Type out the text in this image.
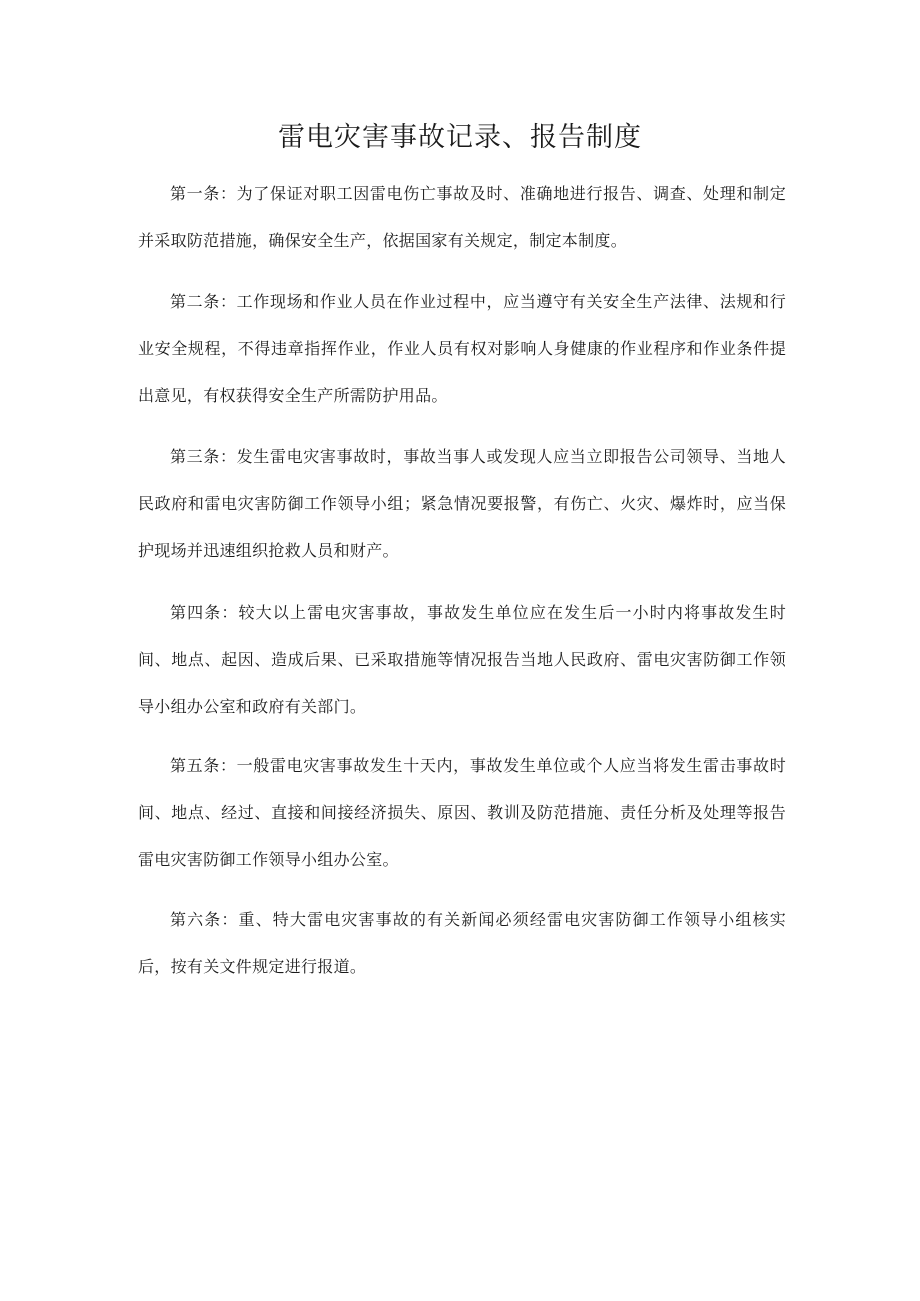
雷电灾害事故记录、报告制度

第一条：为了保证对职工因雷电伤亡事故及时、准确地进行报告、调查、处理和制定并采取防范措施，确保安全生产，依据国家有关规定，制定本制度。

第二条：工作现场和作业人员在作业过程中，应当遵守有关安全生产法律、法规和行业安全规程，不得违章指挥作业，作业人员有权对影响人身健康的作业程序和作业条件提出意见，有权获得安全生产所需防护用品。

第三条：发生雷电灾害事故时，事故当事人或发现人应当立即报告公司领导、当地人民政府和雷电灾害防御工作领导小组；紧急情况要报警，有伤亡、火灾、爆炸时，应当保护现场并迅速组织抢救人员和财产。

第四条：较大以上雷电灾害事故，事故发生单位应在发生后一小时内将事故发生时间、地点、起因、造成后果、已采取措施等情况报告当地人民政府、雷电灾害防御工作领导小组办公室和政府有关部门。

第五条：一般雷电灾害事故发生十天内，事故发生单位或个人应当将发生雷击事故时间、地点、经过、直接和间接经济损失、原因、教训及防范措施、责任分析及处理等报告雷电灾害防御工作领导小组办公室。

第六条：重、特大雷电灾害事故的有关新闻必须经雷电灾害防御工作领导小组核实后，按有关文件规定进行报道。
